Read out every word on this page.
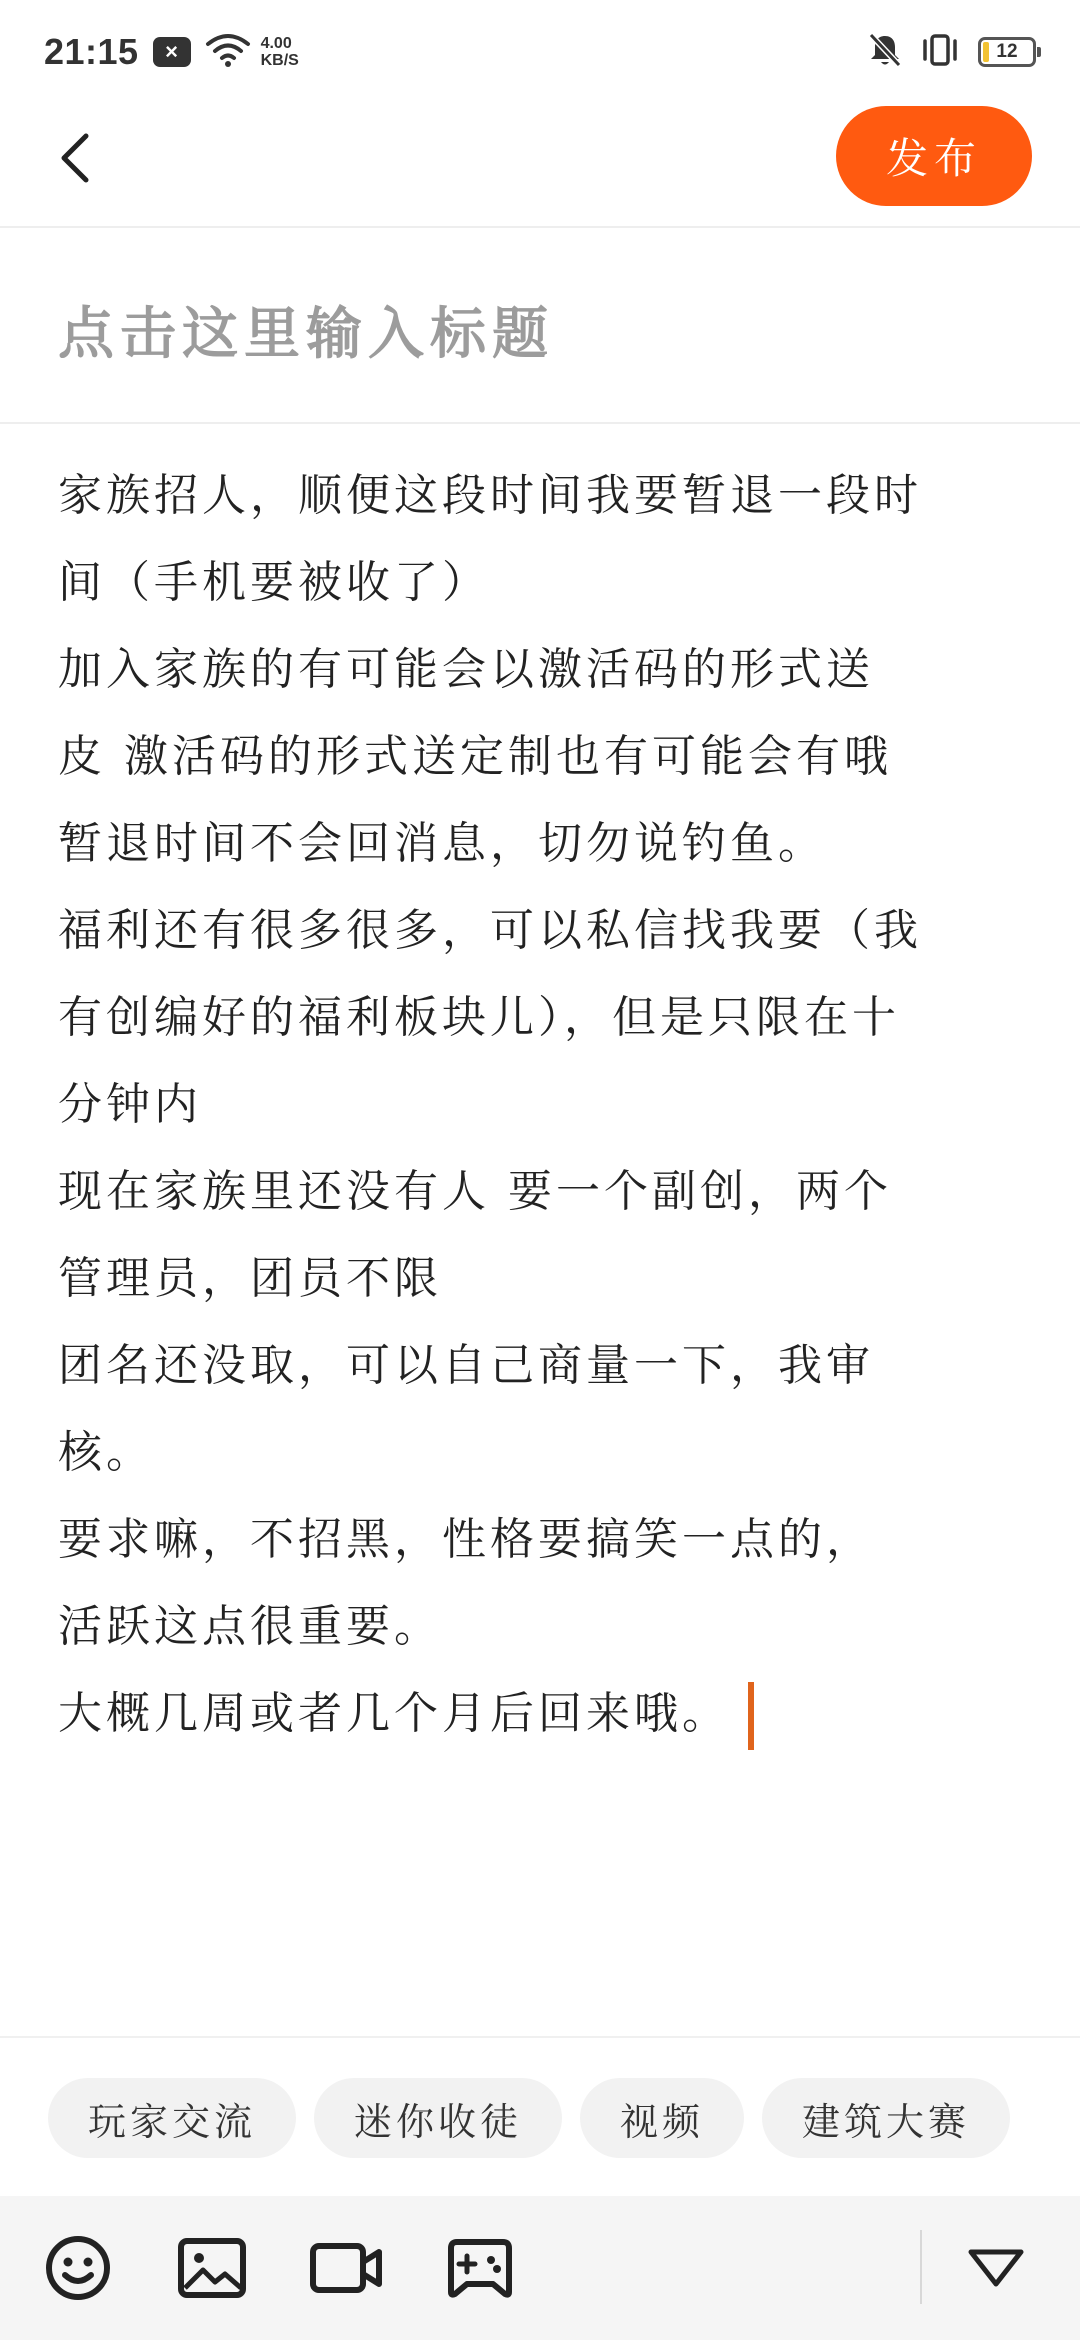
21:15	×	4.00
KB/S	12
发布
点击这里输入标题
家族招人，顺便这段时间我要暂退一段时
间（手机要被收了）
加入家族的有可能会以激活码的形式送
皮 激活码的形式送定制也有可能会有哦
暂退时间不会回消息，切勿说钓鱼。
福利还有很多很多，可以私信找我要（我
有创编好的福利板块儿），但是只限在十
分钟内
现在家族里还没有人 要一个副创，两个
管理员，团员不限
团名还没取，可以自己商量一下，我审
核。
要求嘛，不招黑，性格要搞笑一点的，
活跃这点很重要。
大概几周或者几个月后回来哦。
玩家交流	迷你收徒	视频	建筑大赛
